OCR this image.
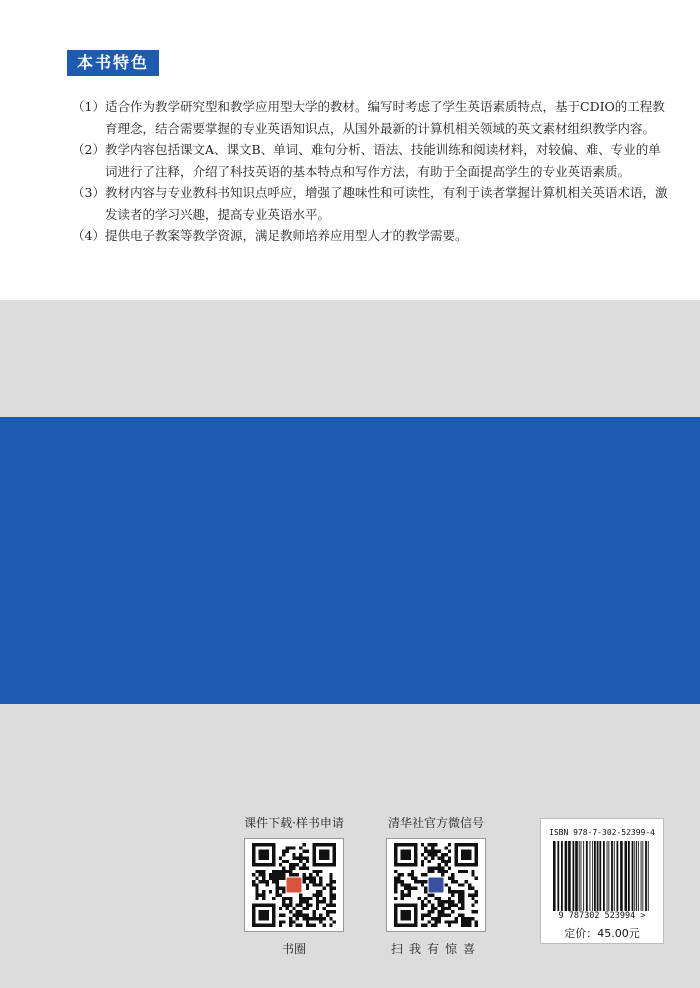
本书特色
（1） 适合作为教学研究型和教学应用型大学的教材。编写时考虑了学生英语素质特点，基于CDIO的工程教育理念，结合需要掌握的专业英语知识点，从国外最新的计算机相关领域的英文素材组织教学内容。
（2） 教学内容包括课文A、课文B、单词、难句分析、语法、技能训练和阅读材料，对较偏、难、专业的单词进行了注释，介绍了科技英语的基本特点和写作方法，有助于全面提高学生的专业英语素质。
（3） 教材内容与专业教科书知识点呼应，增强了趣味性和可读性，有利于读者掌握计算机相关英语术语，激发读者的学习兴趣，提高专业英语水平。
（4） 提供电子教案等教学资源，满足教师培养应用型人才的教学需要。
课件下载·样书申请
书圈
清华社官方微信号
扫我有惊喜
ISBN 978-7-302-52399-4
9 787302 523994 >
定价：45.00元
